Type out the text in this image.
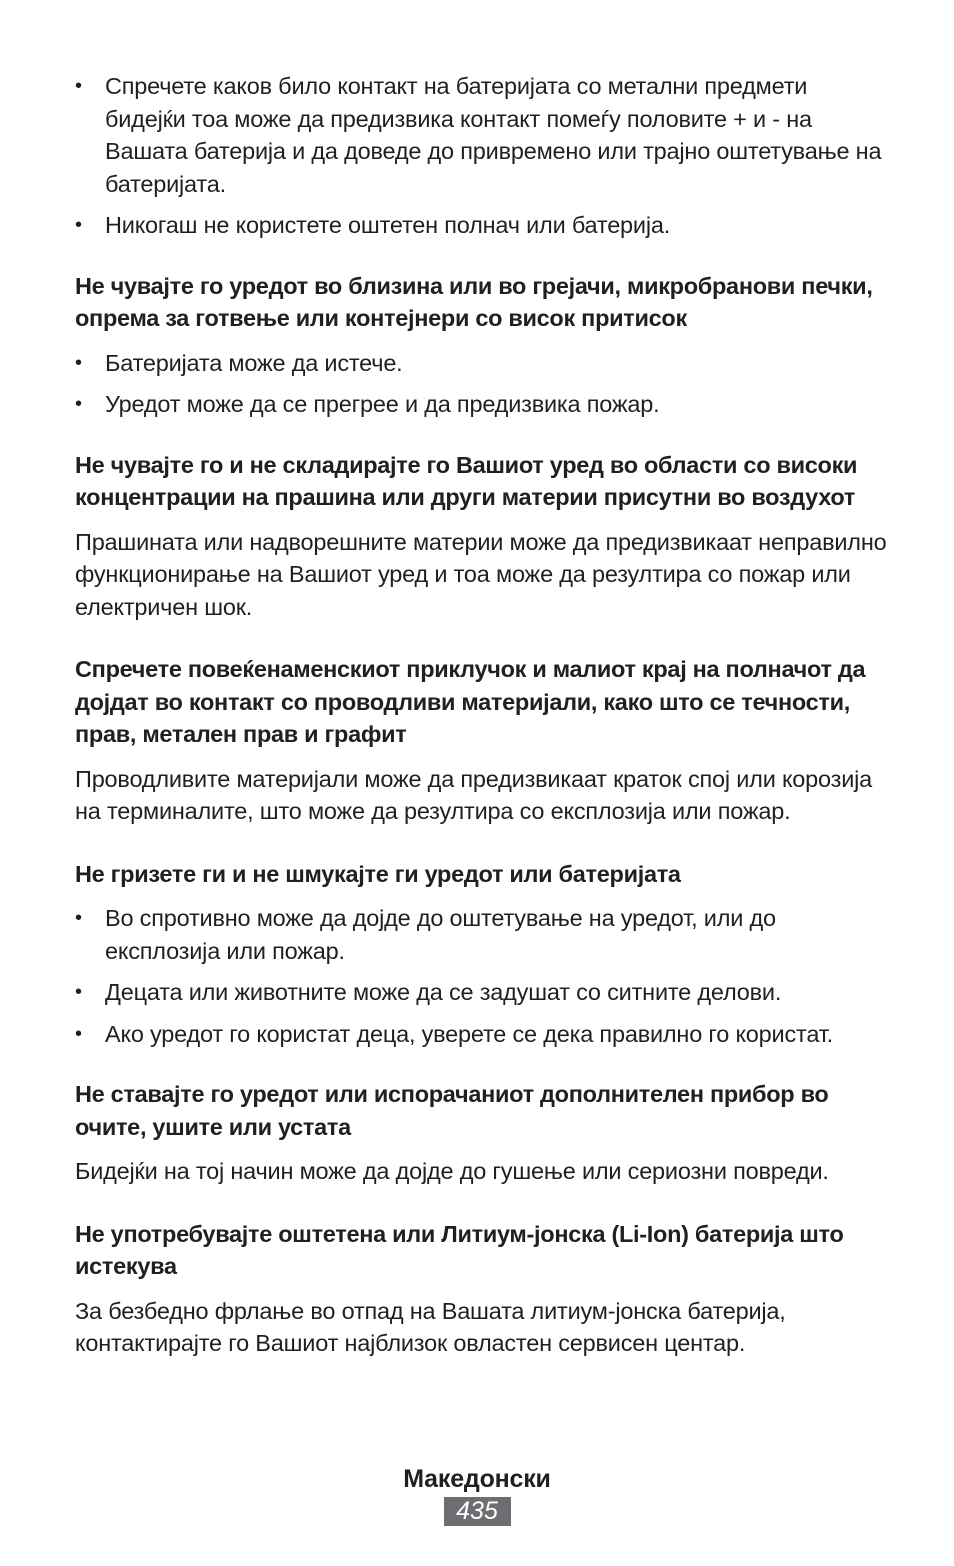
• Спречете каков било контакт на батеријата со метални предмети бидејќи тоа може да предизвика контакт помеѓу половите + и - на Вашата батерија и да доведе до привремено или трајно оштетување на батеријата.
• Никогаш не користете оштетен полнач или батерија.

Не чувајте го уредот во близина или во грејачи, микробранови печки, опрема за готвење или контејнери со висок притисок

• Батеријата може да истече.
• Уредот може да се прегрее и да предизвика пожар.

Не чувајте го и не складирајте го Вашиот уред во области со високи концентрации на прашина или други материи присутни во воздухот

Прашината или надворешните материи може да предизвикаат неправилно функционирање на Вашиот уред и тоа може да резултира со пожар или електричен шок.

Спречете повеќенаменскиот приклучок и малиот крај на полначот да дојдат во контакт со проводливи материјали, како што се течности, прав, метален прав и графит

Проводливите материјали може да предизвикаат краток спој или корозија на терминалите, што може да резултира со експлозија или пожар.

Не гризете ги и не шмукајте ги уредот или батеријата

• Во спротивно може да дојде до оштетување на уредот, или до експлозија или пожар.
• Децата или животните може да се задушат со ситните делови.
• Ако уредот го користат деца, уверете се дека правилно го користат.

Не ставајте го уредот или испорачаниот дополнителен прибор во очите, ушите или устата

Бидејќи на тој начин може да дојде до гушење или сериозни повреди.

Не употребувајте оштетена или Литиум-јонска (Li-Ion) батерија што истекува

За безбедно фрлање во отпад на Вашата литиум-јонска батерија, контактирајте го Вашиот најблизок овластен сервисен центар.

Македонски
435
